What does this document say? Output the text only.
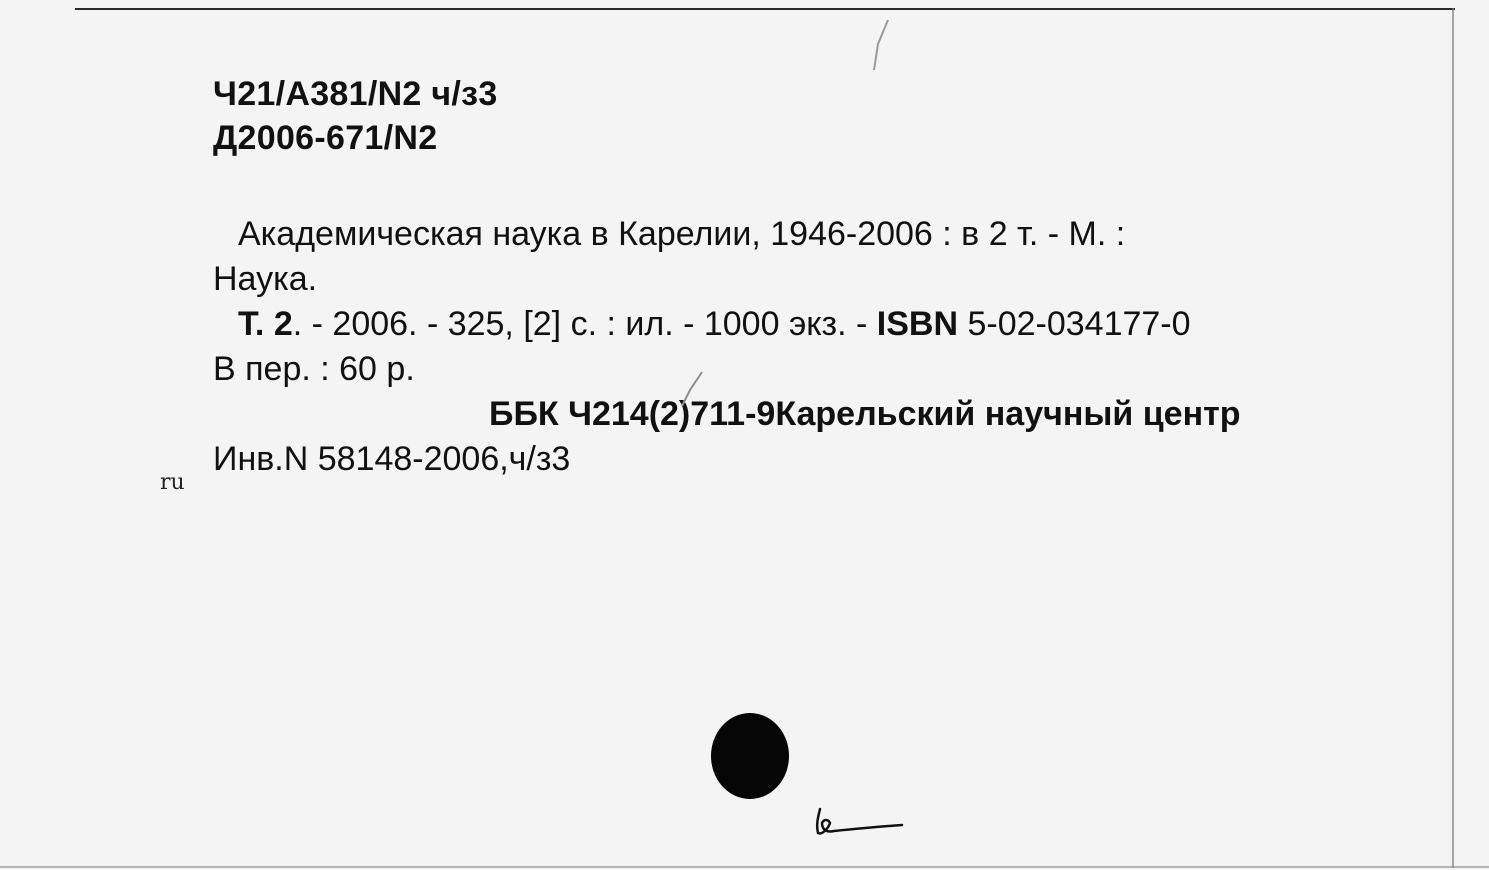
Ч21/А381/N2 ч/з3
Д2006-671/N2
Академическая наука в Карелии, 1946-2006 : в 2 т. - М. :
Наука.
Т. 2. - 2006. - 325, [2] с. : ил. - 1000 экз. - ISBN 5-02-034177-0
В пер. : 60 р.
ББК Ч214(2)711-9Карельский научный центр
Инв.N 58148-2006,ч/з3
ru
